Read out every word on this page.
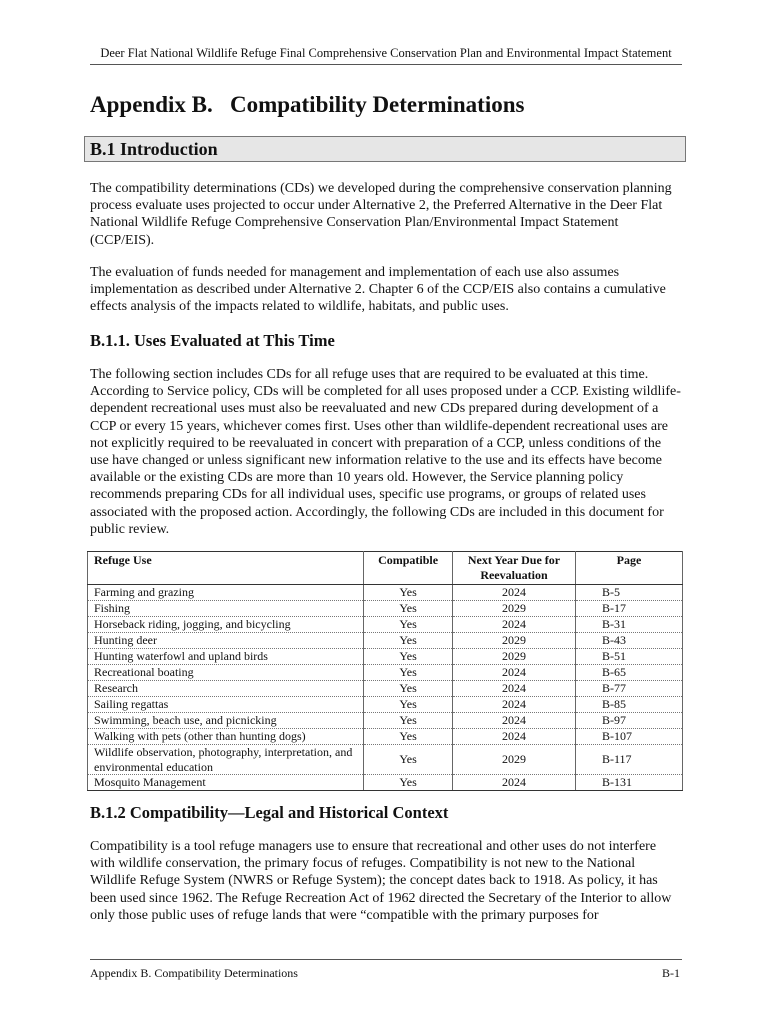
Deer Flat National Wildlife Refuge Final Comprehensive Conservation Plan and Environmental Impact Statement
Appendix B.   Compatibility Determinations
B.1 Introduction

The compatibility determinations (CDs) we developed during the comprehensive conservation planning process evaluate uses projected to occur under Alternative 2, the Preferred Alternative in the Deer Flat National Wildlife Refuge Comprehensive Conservation Plan/Environmental Impact Statement (CCP/EIS).

The evaluation of funds needed for management and implementation of each use also assumes implementation as described under Alternative 2. Chapter 6 of the CCP/EIS also contains a cumulative effects analysis of the impacts related to wildlife, habitats, and public uses.

B.1.1. Uses Evaluated at This Time

The following section includes CDs for all refuge uses that are required to be evaluated at this time. According to Service policy, CDs will be completed for all uses proposed under a CCP. Existing wildlife-dependent recreational uses must also be reevaluated and new CDs prepared during development of a CCP or every 15 years, whichever comes first. Uses other than wildlife-dependent recreational uses are not explicitly required to be reevaluated in concert with preparation of a CCP, unless conditions of the use have changed or unless significant new information relative to the use and its effects have become available or the existing CDs are more than 10 years old. However, the Service planning policy recommends preparing CDs for all individual uses, specific use programs, or groups of related uses associated with the proposed action. Accordingly, the following CDs are included in this document for public review.

Refuge Use	Compatible	Next Year Due for Reevaluation	Page
Farming and grazing	Yes	2024	B-5
Fishing	Yes	2029	B-17
Horseback riding, jogging, and bicycling	Yes	2024	B-31
Hunting deer	Yes	2029	B-43
Hunting waterfowl and upland birds	Yes	2029	B-51
Recreational boating	Yes	2024	B-65
Research	Yes	2024	B-77
Sailing regattas	Yes	2024	B-85
Swimming, beach use, and picnicking	Yes	2024	B-97
Walking with pets (other than hunting dogs)	Yes	2024	B-107
Wildlife observation, photography, interpretation, and environmental education	Yes	2029	B-117
Mosquito Management	Yes	2024	B-131
B.1.2 Compatibility—Legal and Historical Context

Compatibility is a tool refuge managers use to ensure that recreational and other uses do not interfere with wildlife conservation, the primary focus of refuges. Compatibility is not new to the National Wildlife Refuge System (NWRS or Refuge System); the concept dates back to 1918. As policy, it has been used since 1962. The Refuge Recreation Act of 1962 directed the Secretary of the Interior to allow only those public uses of refuge lands that were “compatible with the primary purposes for

Appendix B. Compatibility Determinations	B-1
